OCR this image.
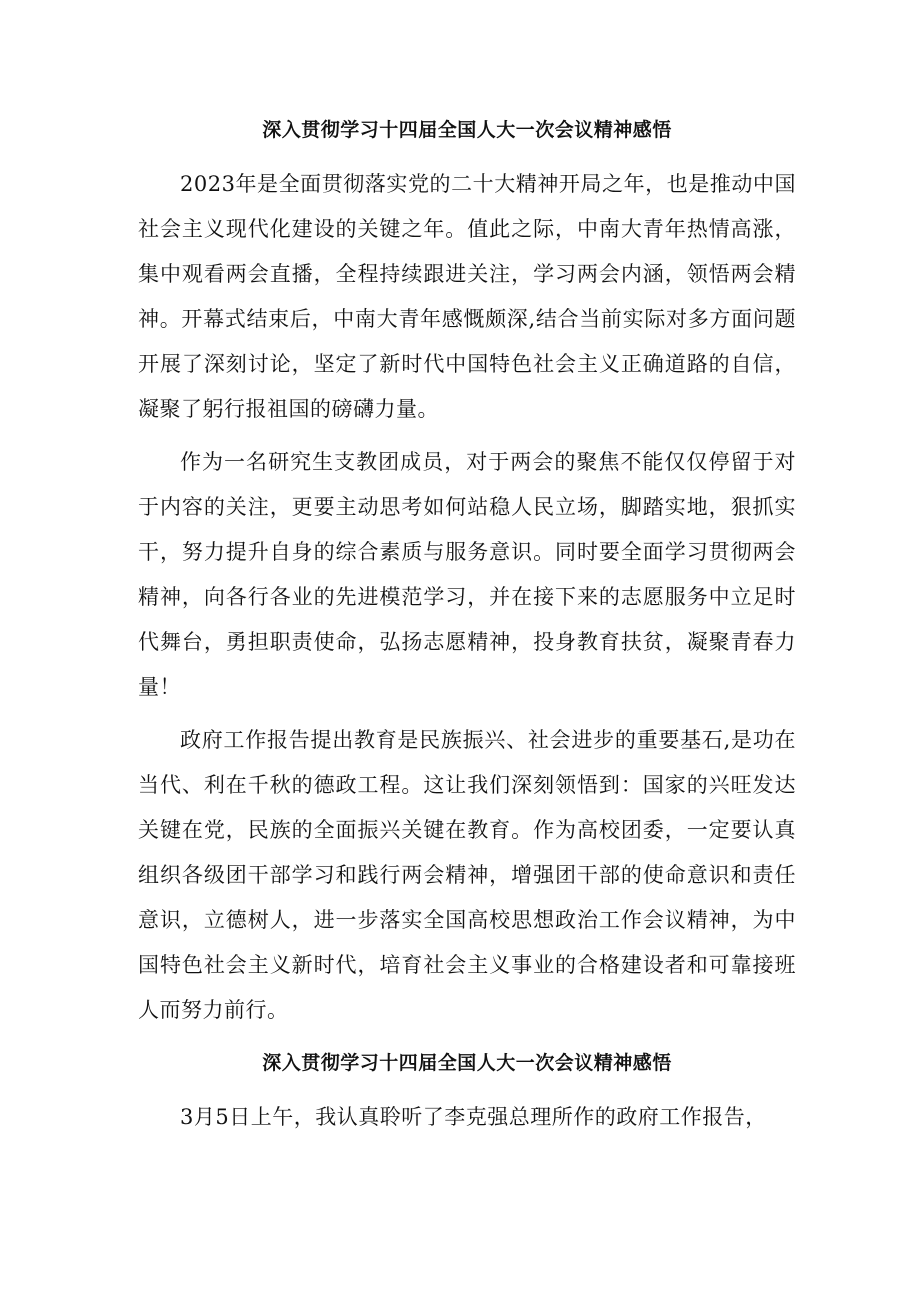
深入贯彻学习十四届全国人大一次会议精神感悟

2023年是全面贯彻落实党的二十大精神开局之年，也是推动中国社会主义现代化建设的关键之年。值此之际，中南大青年热情高涨，集中观看两会直播，全程持续跟进关注，学习两会内涵，领悟两会精神。开幕式结束后，中南大青年感慨颇深,结合当前实际对多方面问题开展了深刻讨论，坚定了新时代中国特色社会主义正确道路的自信，凝聚了躬行报祖国的磅礴力量。

作为一名研究生支教团成员，对于两会的聚焦不能仅仅停留于对于内容的关注，更要主动思考如何站稳人民立场，脚踏实地，狠抓实干，努力提升自身的综合素质与服务意识。同时要全面学习贯彻两会精神，向各行各业的先进模范学习，并在接下来的志愿服务中立足时代舞台，勇担职责使命，弘扬志愿精神，投身教育扶贫，凝聚青春力量！

政府工作报告提出教育是民族振兴、社会进步的重要基石,是功在当代、利在千秋的德政工程。这让我们深刻领悟到：国家的兴旺发达关键在党，民族的全面振兴关键在教育。作为高校团委，一定要认真组织各级团干部学习和践行两会精神，增强团干部的使命意识和责任意识，立德树人，进一步落实全国高校思想政治工作会议精神，为中国特色社会主义新时代，培育社会主义事业的合格建设者和可靠接班人而努力前行。

深入贯彻学习十四届全国人大一次会议精神感悟

3月5日上午，我认真聆听了李克强总理所作的政府工作报告，
